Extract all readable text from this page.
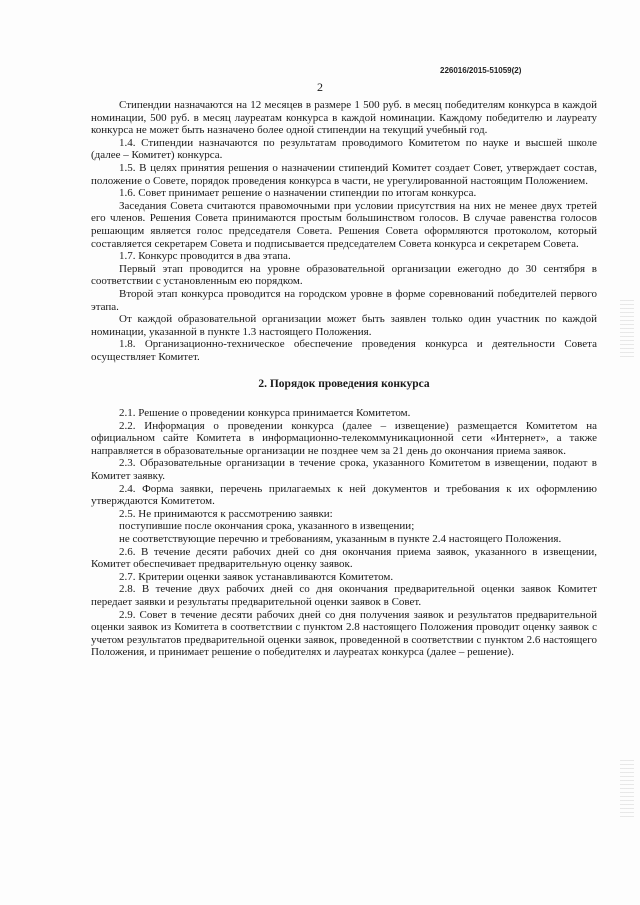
226016/2015-51059(2)
2

Стипендии назначаются на 12 месяцев в размере 1 500 руб. в месяц победителям конкурса в каждой номинации, 500 руб. в месяц лауреатам конкурса в каждой номинации. Каждому победителю и лауреату конкурса не может быть назначено более одной стипендии на текущий учебный год.

1.4. Стипендии назначаются по результатам проводимого Комитетом по науке и высшей школе (далее – Комитет) конкурса.

1.5. В целях принятия решения о назначении стипендий Комитет создает Совет, утверждает состав, положение о Совете, порядок проведения конкурса в части, не урегулированной настоящим Положением.

1.6. Совет принимает решение о назначении стипендии по итогам конкурса.

Заседания Совета считаются правомочными при условии присутствия на них не менее двух третей его членов. Решения Совета принимаются простым большинством голосов. В случае равенства голосов решающим является голос председателя Совета. Решения Совета оформляются протоколом, который составляется секретарем Совета и подписывается председателем Совета конкурса и секретарем Совета.

1.7. Конкурс проводится в два этапа.

Первый этап проводится на уровне образовательной организации ежегодно до 30 сентября в соответствии с установленным ею порядком.

Второй этап конкурса проводится на городском уровне в форме соревнований победителей первого этапа.

От каждой образовательной организации может быть заявлен только один участник по каждой номинации, указанной в пункте 1.3 настоящего Положения.

1.8. Организационно-техническое обеспечение проведения конкурса и деятельности Совета осуществляет Комитет.

2. Порядок проведения конкурса

2.1. Решение о проведении конкурса принимается Комитетом.

2.2. Информация о проведении конкурса (далее – извещение) размещается Комитетом на официальном сайте Комитета в информационно-телекоммуникационной сети «Интернет», а также направляется в образовательные организации не позднее чем за 21 день до окончания приема заявок.

2.3. Образовательные организации в течение срока, указанного Комитетом в извещении, подают в Комитет заявку.

2.4. Форма заявки, перечень прилагаемых к ней документов и требования к их оформлению утверждаются Комитетом.

2.5. Не принимаются к рассмотрению заявки:

поступившие после окончания срока, указанного в извещении;

не соответствующие перечню и требованиям, указанным в пункте 2.4 настоящего Положения.

2.6. В течение десяти рабочих дней со дня окончания приема заявок, указанного в извещении, Комитет обеспечивает предварительную оценку заявок.

2.7. Критерии оценки заявок устанавливаются Комитетом.

2.8. В течение двух рабочих дней со дня окончания предварительной оценки заявок Комитет передает заявки и результаты предварительной оценки заявок в Совет.

2.9. Совет в течение десяти рабочих дней со дня получения заявок и результатов предварительной оценки заявок из Комитета в соответствии с пунктом 2.8 настоящего Положения проводит оценку заявок с учетом результатов предварительной оценки заявок, проведенной в соответствии с пунктом 2.6 настоящего Положения, и принимает решение о победителях и лауреатах конкурса (далее – решение).
